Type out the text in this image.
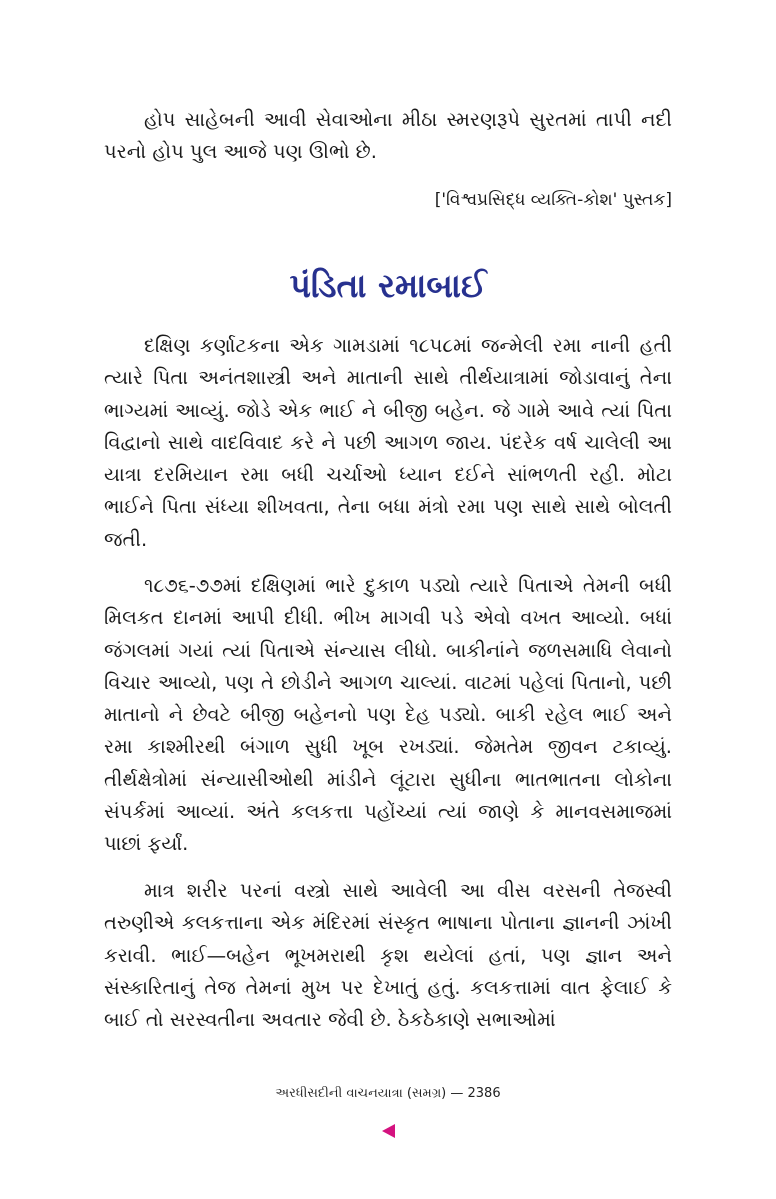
હોપ સાહેબની આવી સેવાઓના મીઠા સ્મરણરૂપે સુરતમાં તાપી નદી પરનો હોપ પુલ આજે પણ ઊભો છે.

['વિશ્વપ્રસિદ્ધ વ્યક્તિ-કોશ' પુસ્તક]

પંડિતા રમાબાઈ

દક્ષિણ કર્ણાટકના એક ગામડામાં ૧૮૫૮માં જન્મેલી રમા નાની હતી ત્યારે પિતા અનંતશાસ્ત્રી અને માતાની સાથે તીર્થયાત્રામાં જોડાવાનું તેના ભાગ્યમાં આવ્યું. જોડે એક ભાઈ ને બીજી બહેન. જે ગામે આવે ત્યાં પિતા વિદ્વાનો સાથે વાદવિવાદ કરે ને પછી આગળ જાય. પંદરેક વર્ષ ચાલેલી આ યાત્રા દરમિયાન રમા બધી ચર્ચાઓ ધ્યાન દઈને સાંભળતી રહી. મોટા ભાઈને પિતા સંધ્યા શીખવતા, તેના બધા મંત્રો રમા પણ સાથે સાથે બોલતી જતી.

૧૮૭૬-૭૭માં દક્ષિણમાં ભારે દુકાળ પડ્યો ત્યારે પિતાએ તેમની બધી મિલકત દાનમાં આપી દીધી. ભીખ માગવી પડે એવો વખત આવ્યો. બધાં જંગલમાં ગયાં ત્યાં પિતાએ સંન્યાસ લીધો. બાકીનાંને જળસમાધિ લેવાનો વિચાર આવ્યો, પણ તે છોડીને આગળ ચાલ્યાં. વાટમાં પહેલાં પિતાનો, પછી માતાનો ને છેવટે બીજી બહેનનો પણ દેહ પડ્યો. બાકી રહેલ ભાઈ અને રમા કાશ્મીરથી બંગાળ સુધી ખૂબ રખડ્યાં. જેમતેમ જીવન ટકાવ્યું. તીર્થક્ષેત્રોમાં સંન્યાસીઓથી માંડીને લૂંટારા સુધીના ભાતભાતના લોકોના સંપર્કમાં આવ્યાં. અંતે કલકત્તા પહોંચ્યાં ત્યાં જાણે કે માનવસમાજમાં પાછાં ફર્યાં.

માત્ર શરીર પરનાં વસ્ત્રો સાથે આવેલી આ વીસ વરસની તેજસ્વી તરુણીએ કલકત્તાના એક મંદિરમાં સંસ્કૃત ભાષાના પોતાના જ્ઞાનની ઝાંખી કરાવી. ભાઈ—બહેન ભૂખમરાથી કૃશ થયેલાં હતાં, પણ જ્ઞાન અને સંસ્કારિતાનું તેજ તેમનાં મુખ પર દેખાતું હતું. કલકત્તામાં વાત ફેલાઈ કે બાઈ તો સરસ્વતીના અવતાર જેવી છે. ઠેકઠેકાણે સભાઓમાં

અરધીસદીની વાચનયાત્રા (સમગ્ર) — 2386
